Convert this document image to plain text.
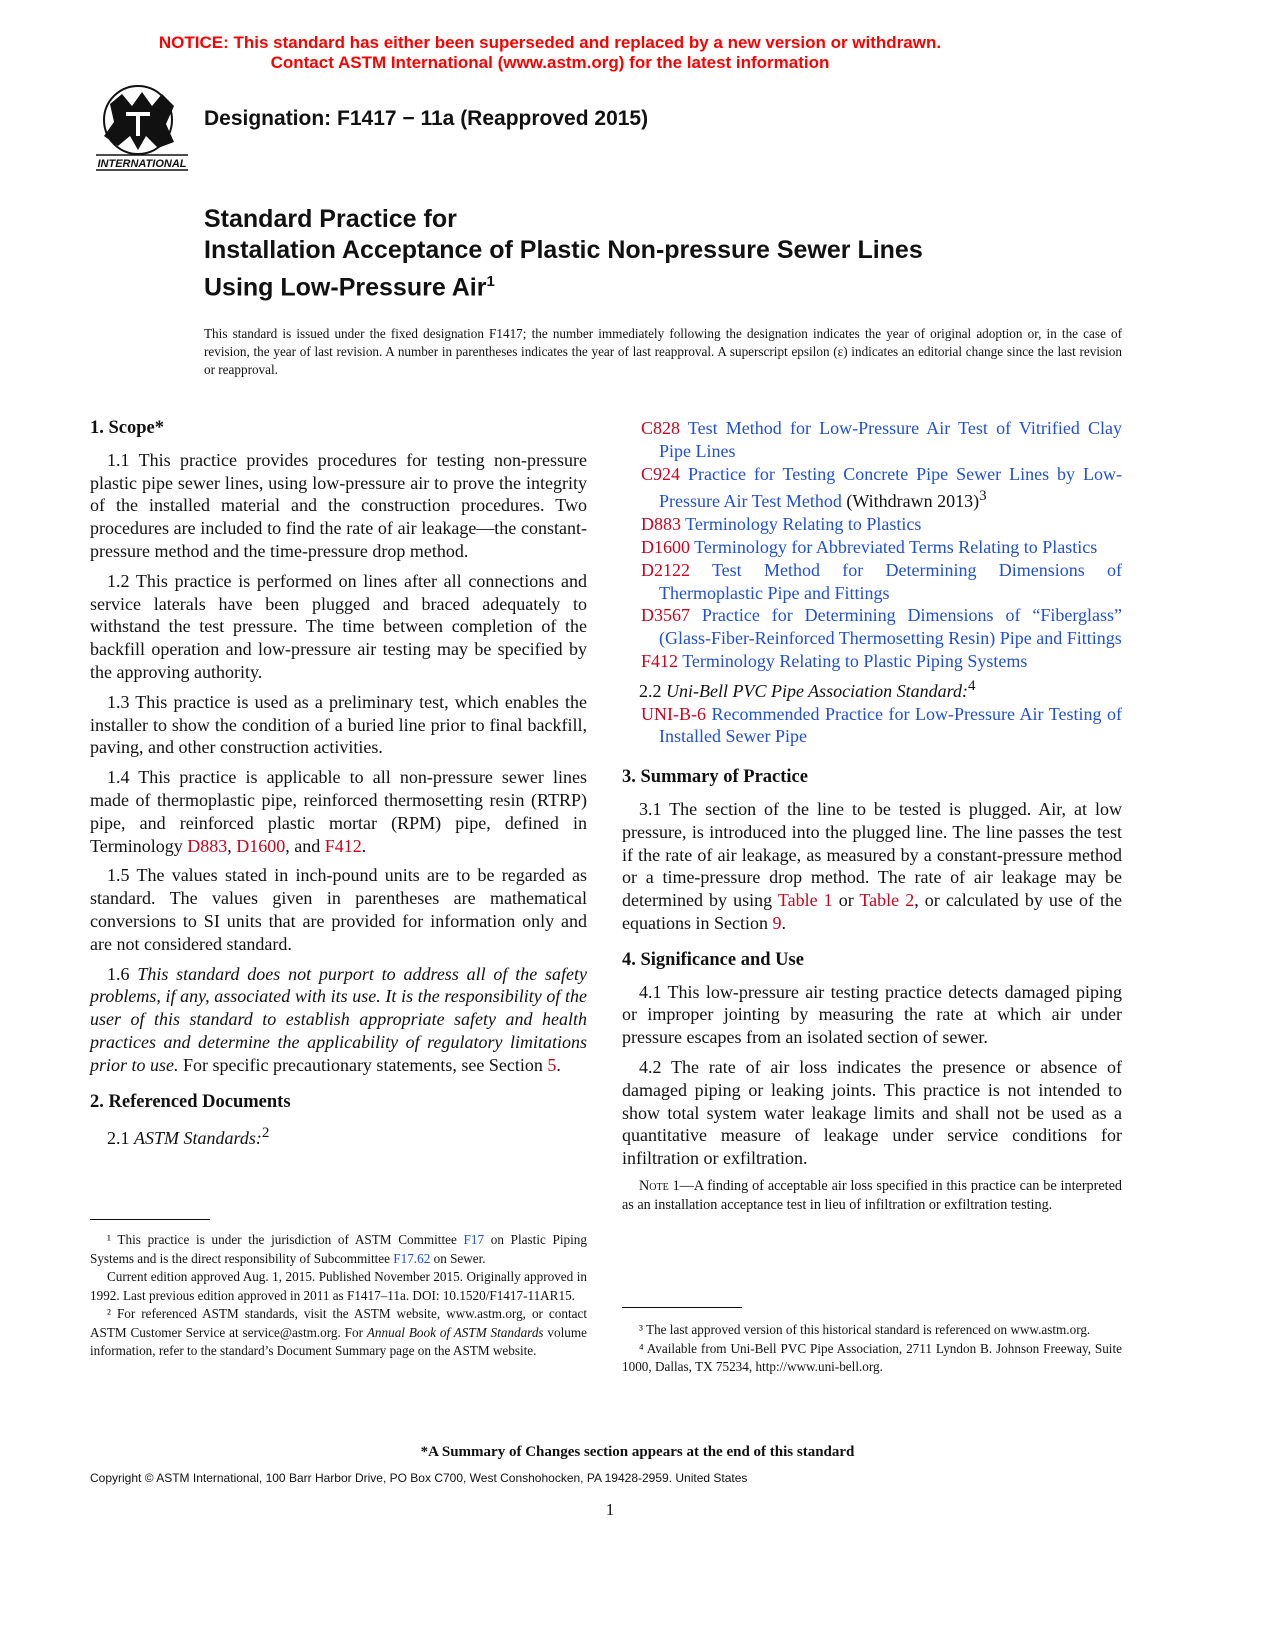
NOTICE: This standard has either been superseded and replaced by a new version or withdrawn.
Contact ASTM International (www.astm.org) for the latest information
INTERNATIONAL
Designation: F1417 − 11a (Reapproved 2015)
Standard Practice for
Installation Acceptance of Plastic Non-pressure Sewer Lines
Using Low-Pressure Air$^1$
This standard is issued under the fixed designation F1417; the number immediately following the designation indicates the year of original adoption or, in the case of revision, the year of last revision. A number in parentheses indicates the year of last reapproval. A superscript epsilon (ε) indicates an editorial change since the last revision or reapproval.
1. Scope*

1.1 This practice provides procedures for testing non-pressure plastic pipe sewer lines, using low-pressure air to prove the integrity of the installed material and the construction procedures. Two procedures are included to find the rate of air leakage—the constant-pressure method and the time-pressure drop method.

1.2 This practice is performed on lines after all connections and service laterals have been plugged and braced adequately to withstand the test pressure. The time between completion of the backfill operation and low-pressure air testing may be specified by the approving authority.

1.3 This practice is used as a preliminary test, which enables the installer to show the condition of a buried line prior to final backfill, paving, and other construction activities.

1.4 This practice is applicable to all non-pressure sewer lines made of thermoplastic pipe, reinforced thermosetting resin (RTRP) pipe, and reinforced plastic mortar (RPM) pipe, defined in Terminology D883, D1600, and F412.

1.5 The values stated in inch-pound units are to be regarded as standard. The values given in parentheses are mathematical conversions to SI units that are provided for information only and are not considered standard.

1.6 This standard does not purport to address all of the safety problems, if any, associated with its use. It is the responsibility of the user of this standard to establish appropriate safety and health practices and determine the applicability of regulatory limitations prior to use. For specific precautionary statements, see Section 5.

2. Referenced Documents

2.1 ASTM Standards:$^2$

C828 Test Method for Low-Pressure Air Test of Vitrified Clay Pipe Lines
C924 Practice for Testing Concrete Pipe Sewer Lines by Low-Pressure Air Test Method (Withdrawn 2013)$^3$
D883 Terminology Relating to Plastics
D1600 Terminology for Abbreviated Terms Relating to Plastics
D2122 Test Method for Determining Dimensions of Thermoplastic Pipe and Fittings
D3567 Practice for Determining Dimensions of “Fiberglass” (Glass-Fiber-Reinforced Thermosetting Resin) Pipe and Fittings
F412 Terminology Relating to Plastic Piping Systems

2.2 Uni-Bell PVC Pipe Association Standard:$^4$

UNI-B-6 Recommended Practice for Low-Pressure Air Testing of Installed Sewer Pipe
3. Summary of Practice

3.1 The section of the line to be tested is plugged. Air, at low pressure, is introduced into the plugged line. The line passes the test if the rate of air leakage, as measured by a constant-pressure method or a time-pressure drop method. The rate of air leakage may be determined by using Table 1 or Table 2, or calculated by use of the equations in Section 9.

4. Significance and Use

4.1 This low-pressure air testing practice detects damaged piping or improper jointing by measuring the rate at which air under pressure escapes from an isolated section of sewer.

4.2 The rate of air loss indicates the presence or absence of damaged piping or leaking joints. This practice is not intended to show total system water leakage limits and shall not be used as a quantitative measure of leakage under service conditions for infiltration or exfiltration.

Note 1—A finding of acceptable air loss specified in this practice can be interpreted as an installation acceptance test in lieu of infiltration or exfiltration testing.

¹ This practice is under the jurisdiction of ASTM Committee F17 on Plastic Piping Systems and is the direct responsibility of Subcommittee F17.62 on Sewer.

Current edition approved Aug. 1, 2015. Published November 2015. Originally approved in 1992. Last previous edition approved in 2011 as F1417–11a. DOI: 10.1520/F1417-11AR15.

² For referenced ASTM standards, visit the ASTM website, www.astm.org, or contact ASTM Customer Service at service@astm.org. For Annual Book of ASTM Standards volume information, refer to the standard’s Document Summary page on the ASTM website.

³ The last approved version of this historical standard is referenced on www.astm.org.

⁴ Available from Uni-Bell PVC Pipe Association, 2711 Lyndon B. Johnson Freeway, Suite 1000, Dallas, TX 75234, http://www.uni-bell.org.

*A Summary of Changes section appears at the end of this standard
Copyright © ASTM International, 100 Barr Harbor Drive, PO Box C700, West Conshohocken, PA 19428-2959. United States
1
